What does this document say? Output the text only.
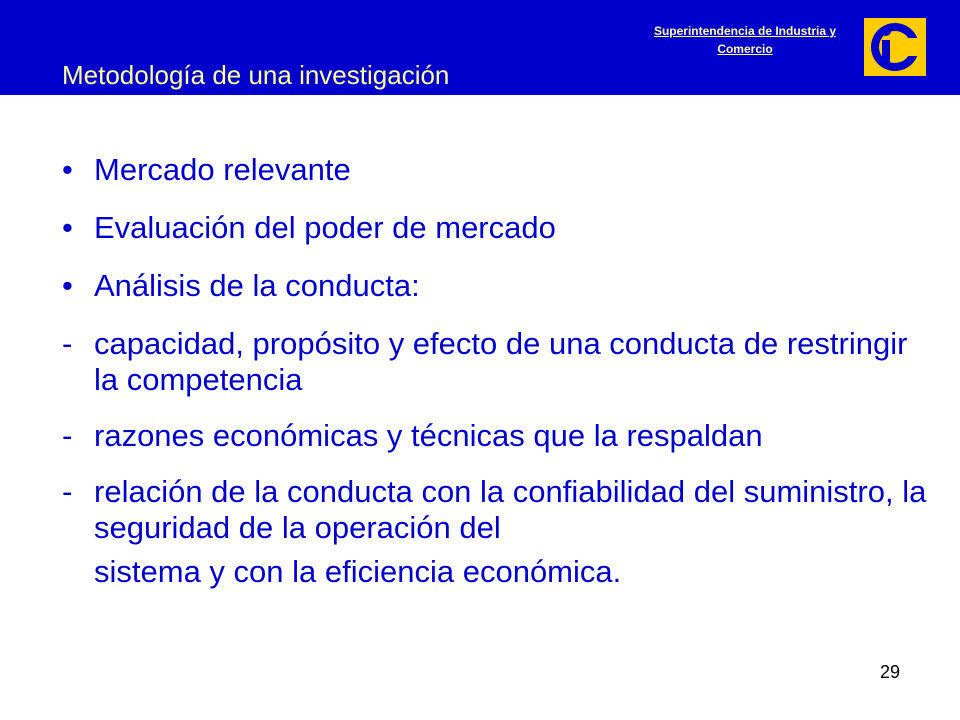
Metodología de una investigación
Superintendencia de Industria y
Comercio
• Mercado relevante
• Evaluación del poder de mercado
• Análisis de la conducta:
- capacidad, propósito y efecto de una conducta de restringir la competencia
- razones económicas y técnicas que la respaldan
- relación de la conducta con la confiabilidad del suministro, la seguridad de la operación del
sistema y con la eficiencia económica.
29
